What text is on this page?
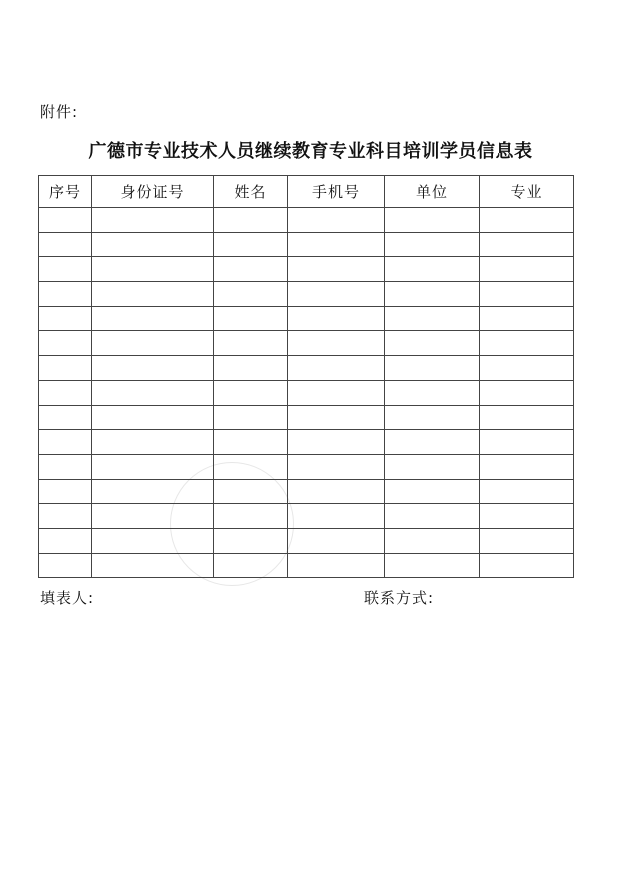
附件:
广德市专业技术人员继续教育专业科目培训学员信息表
序号	身份证号	姓名	手机号	单位	专业

填表人:	联系方式:
